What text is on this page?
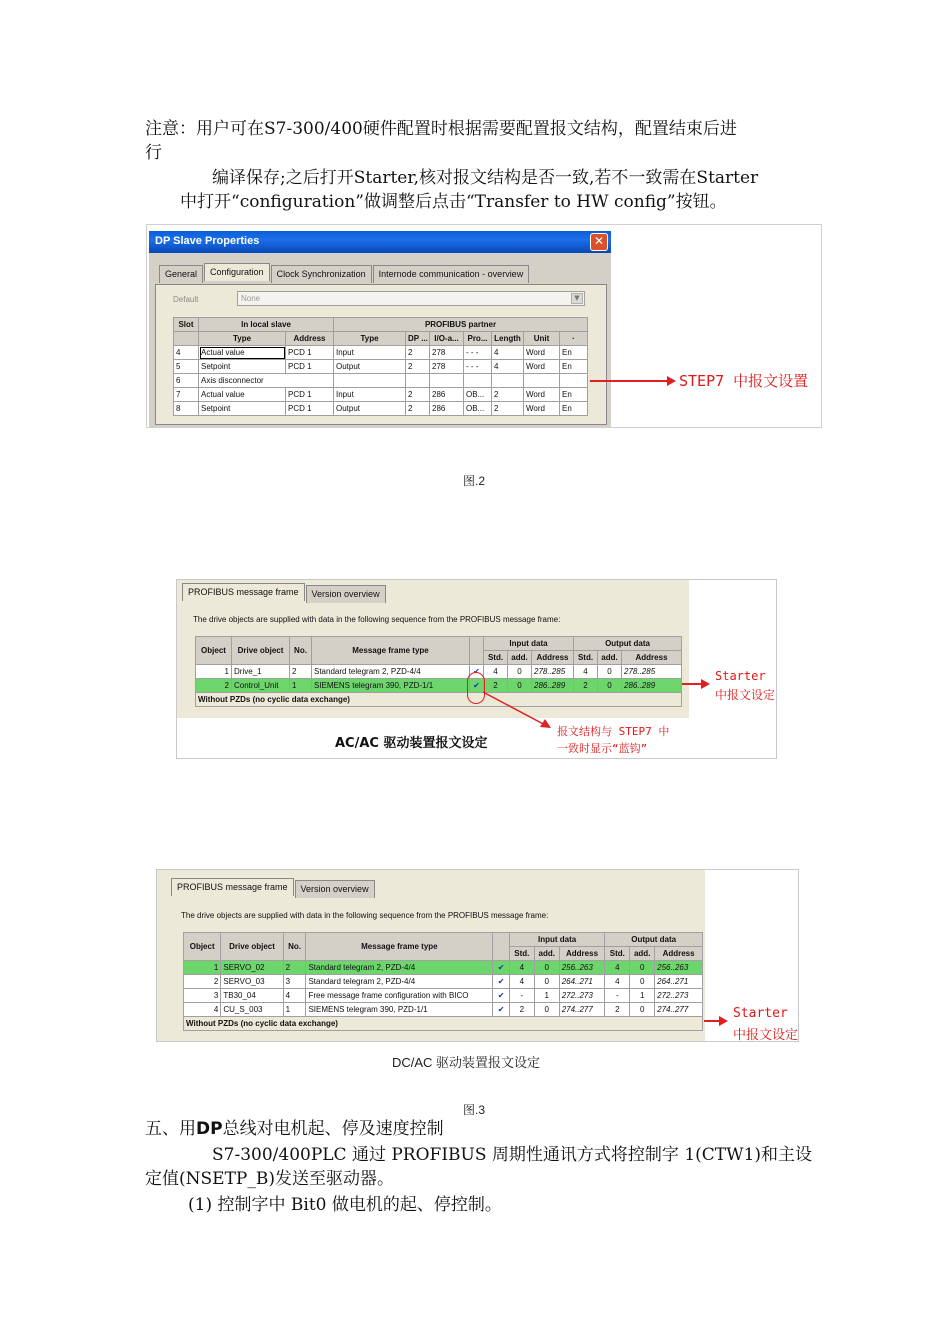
注意：用户可在S7-300/400硬件配置时根据需要配置报文结构，配置结束后进
行
编译保存;之后打开Starter,核对报文结构是否一致,若不一致需在Starter
中打开“configuration”做调整后点击“Transfer to HW config”按钮。
DP Slave Properties	✕
General	Configuration	Clock Synchronization	Internode communication - overview
Default	None	▼
Slot	In local slave		PROFIBUS partner						
	Type	Address	Type	DP ...	I/O-a...	Pro...	Length	Unit	·
4	Actual value	PCD 1	Input	2	278	- - -	4	Word	En
5	Setpoint	PCD 1	Output	2	278	- - -	4	Word	En
6	Axis disconnector								
7	Actual value	PCD 1	Input	2	286	OB...	2	Word	En
8	Setpoint	PCD 1	Output	2	286	OB...	2	Word	En
STEP7 中报文设置
图.2
PROFIBUS message frame	Version overview
The drive objects are supplied with data in the following sequence from the PROFIBUS message frame:
Object	Drive object	No.	Message frame type		Input data			Output data		
					Std.	add.	Address	Std.	add.	Address
1	Drive_1	2	Standard telegram 2, PZD-4/4	✔	4	0	278..285	4	0	278..285
2	Control_Unit	1	SIEMENS telegram 390, PZD-1/1	✔	2	0	286..289	2	0	286..289
Without PZDs (no cyclic data exchange)										
Starter
中报文设定
报文结构与 STEP7 中
一致时显示“蓝钩”
AC/AC 驱动装置报文设定
PROFIBUS message frame	Version overview
The drive objects are supplied with data in the following sequence from the PROFIBUS message frame:
Object	Drive object	No.	Message frame type		Input data			Output data		
					Std.	add.	Address	Std.	add.	Address
1	SERVO_02	2	Standard telegram 2, PZD-4/4	✔	4	0	256..263	4	0	256..263
2	SERVO_03	3	Standard telegram 2, PZD-4/4	✔	4	0	264..271	4	0	264..271
3	TB30_04	4	Free message frame configuration with BICO	✔	-	1	272..273	-	1	272..273
4	CU_S_003	1	SIEMENS telegram 390, PZD-1/1	✔	2	0	274..277	2	0	274..277
Without PZDs (no cyclic data exchange)										
Starter
中报文设定
DC/AC 驱动装置报文设定
图.3
五、用DP总线对电机起、停及速度控制
S7-300/400PLC 通过 PROFIBUS 周期性通讯方式将控制字 1(CTW1)和主设
定值(NSETP_B)发送至驱动器。
(1) 控制字中 Bit0 做电机的起、停控制。
